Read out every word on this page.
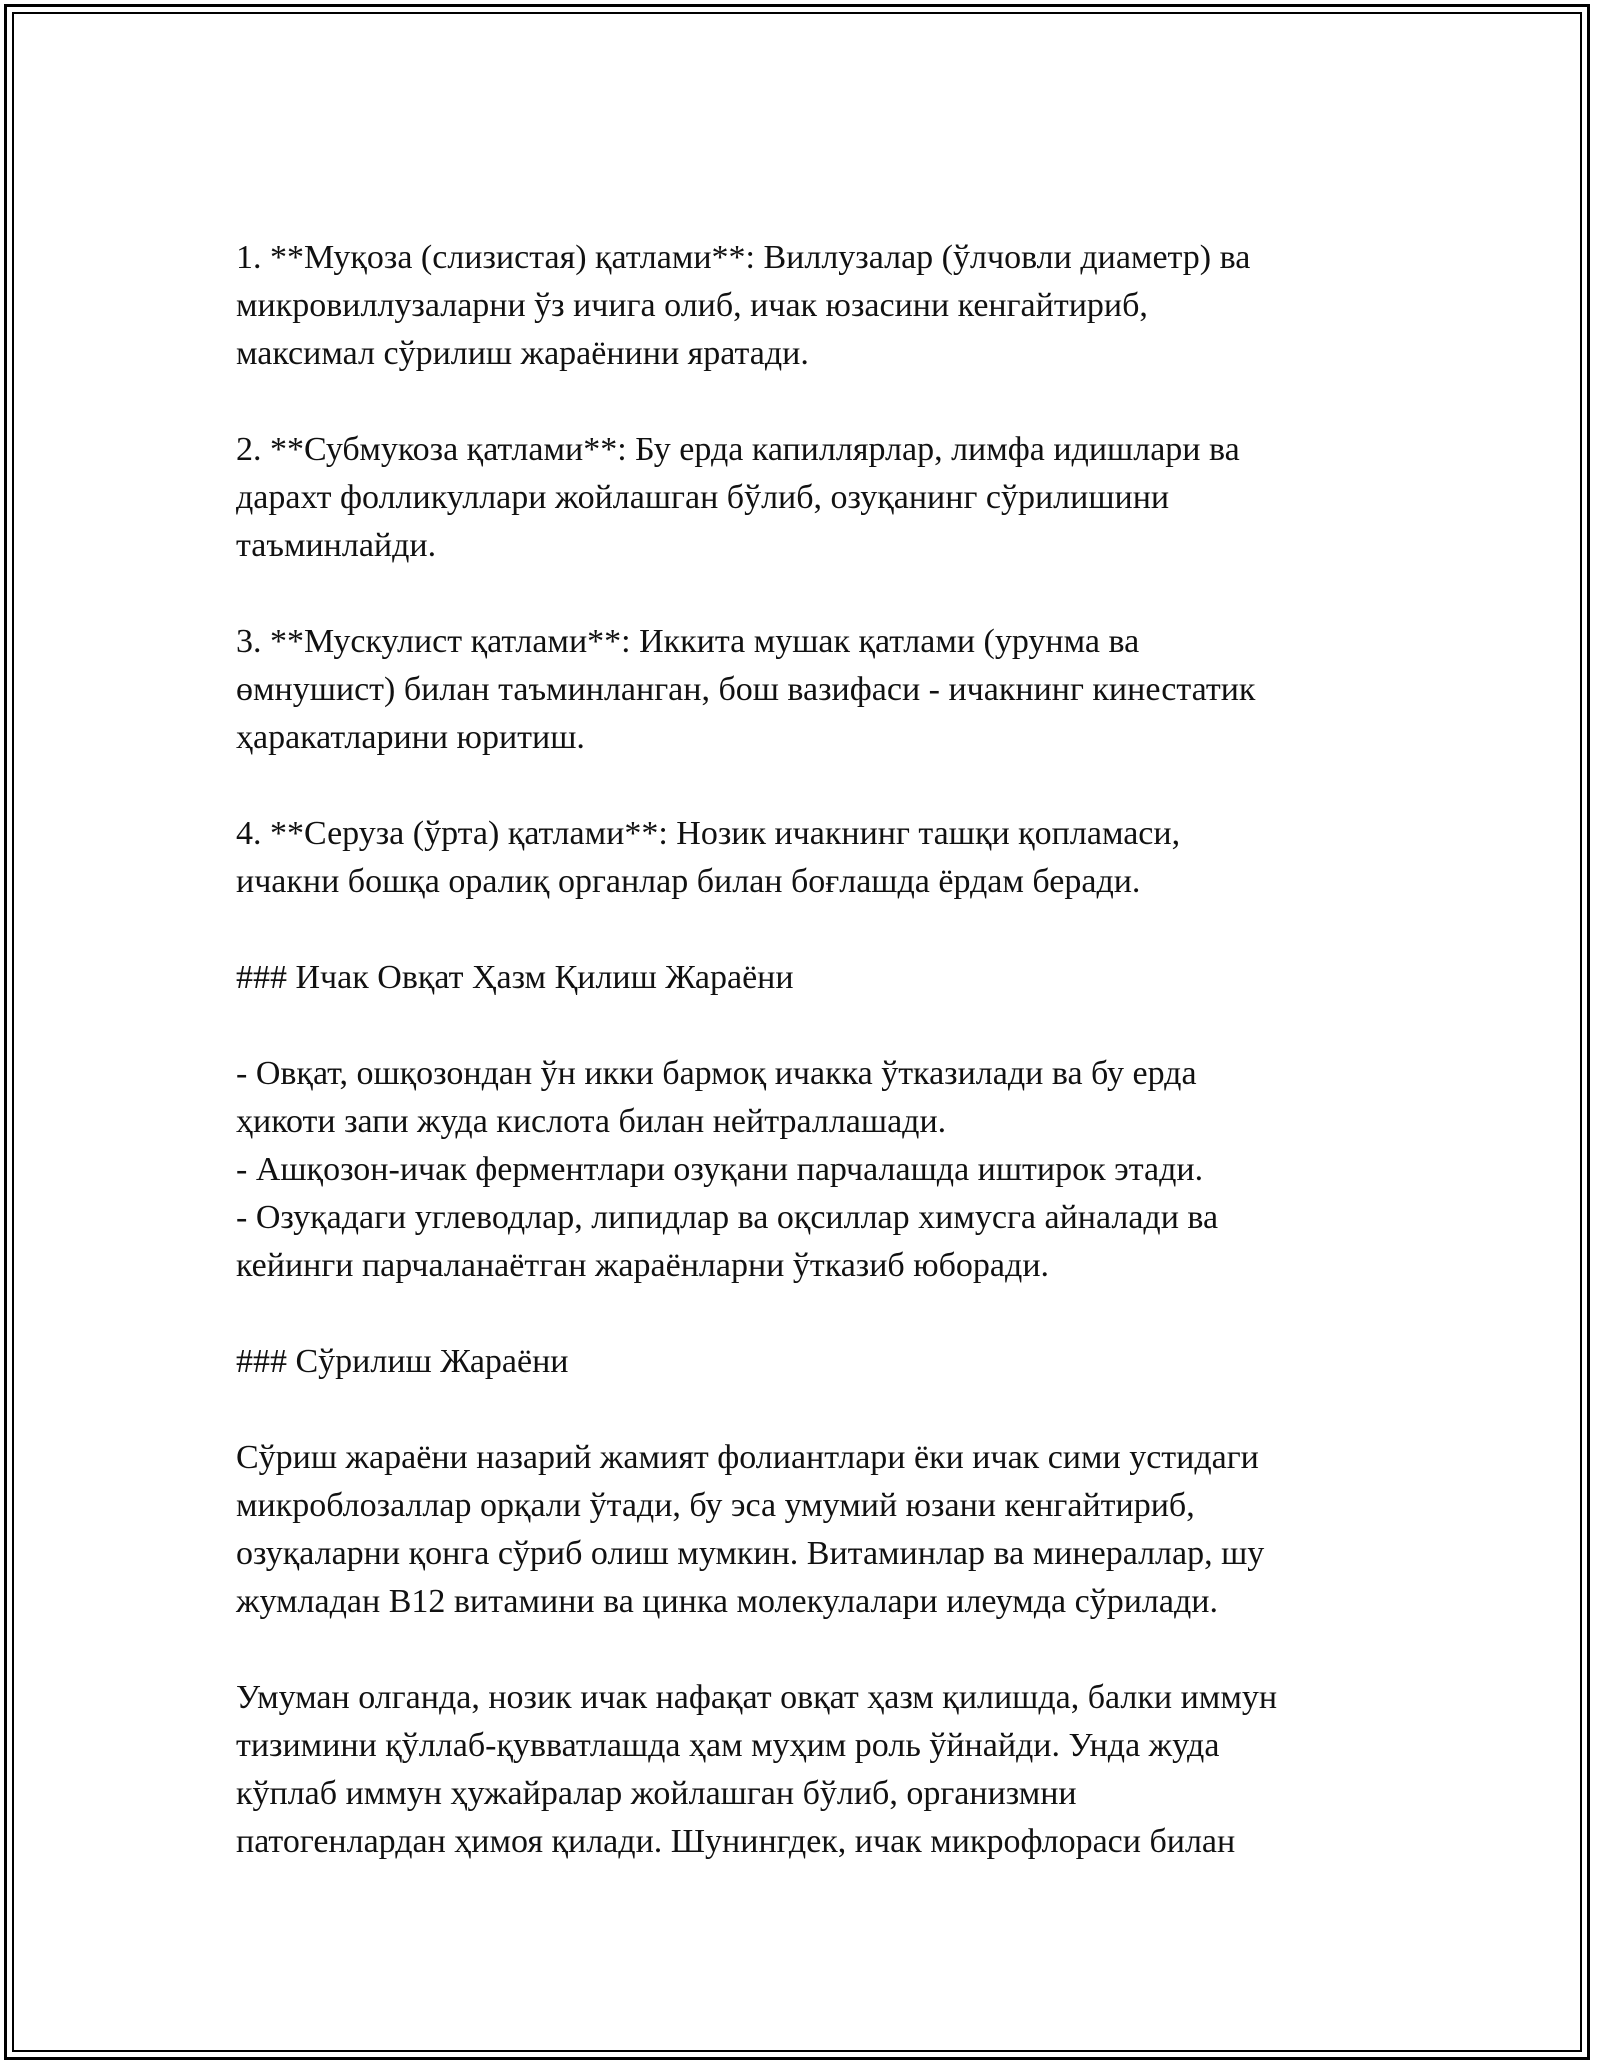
1. **Муқоза (слизистая) қатлами**: Виллузалар (ўлчовли диаметр) ва
микровиллузаларни ўз ичига олиб, ичак юзасини кенгайтириб,
максимал сўрилиш жараёнини яратади.
2. **Субмукоза қатлами**: Бу ерда капиллярлар, лимфа идишлари ва
дарахт фолликуллари жойлашган бўлиб, озуқанинг сўрилишини
таъминлайди.
3. **Мускулист қатлами**: Иккита мушак қатлами (урунма ва
өмнушист) билан таъминланган, бош вазифаси - ичакнинг кинестатик
ҳаракатларини юритиш.
4. **Серуза (ўрта) қатлами**: Нозик ичакнинг ташқи қопламаси,
ичакни бошқа оралиқ органлар билан боғлашда ёрдам беради.
### Ичак Овқат Ҳазм Қилиш Жараёни
- Овқат, ошқозондан ўн икки бармоқ ичакка ўтказилади ва бу ерда
ҳикоти запи жуда кислота билан нейтраллашади.
- Ашқозон-ичак ферментлари озуқани парчалашда иштирок этади.
- Озуқадаги углеводлар, липидлар ва оқсиллар химусга айналади ва
кейинги парчаланаётган жараёнларни ўтказиб юборади.
### Сўрилиш Жараёни
Сўриш жараёни назарий жамият фолиантлари ёки ичак сими устидаги
микроблозаллар орқали ўтади, бу эса умумий юзани кенгайтириб,
озуқаларни қонга сўриб олиш мумкин. Витаминлар ва минераллар, шу
жумладан B12 витамини ва цинка молекулалари илеумда сўрилади.
Умуман олганда, нозик ичак нафақат овқат ҳазм қилишда, балки иммун
тизимини қўллаб-қувватлашда ҳам муҳим роль ўйнайди. Унда жуда
кўплаб иммун ҳужайралар жойлашган бўлиб, организмни
патогенлардан ҳимоя қилади. Шунингдек, ичак микрофлораси билан
